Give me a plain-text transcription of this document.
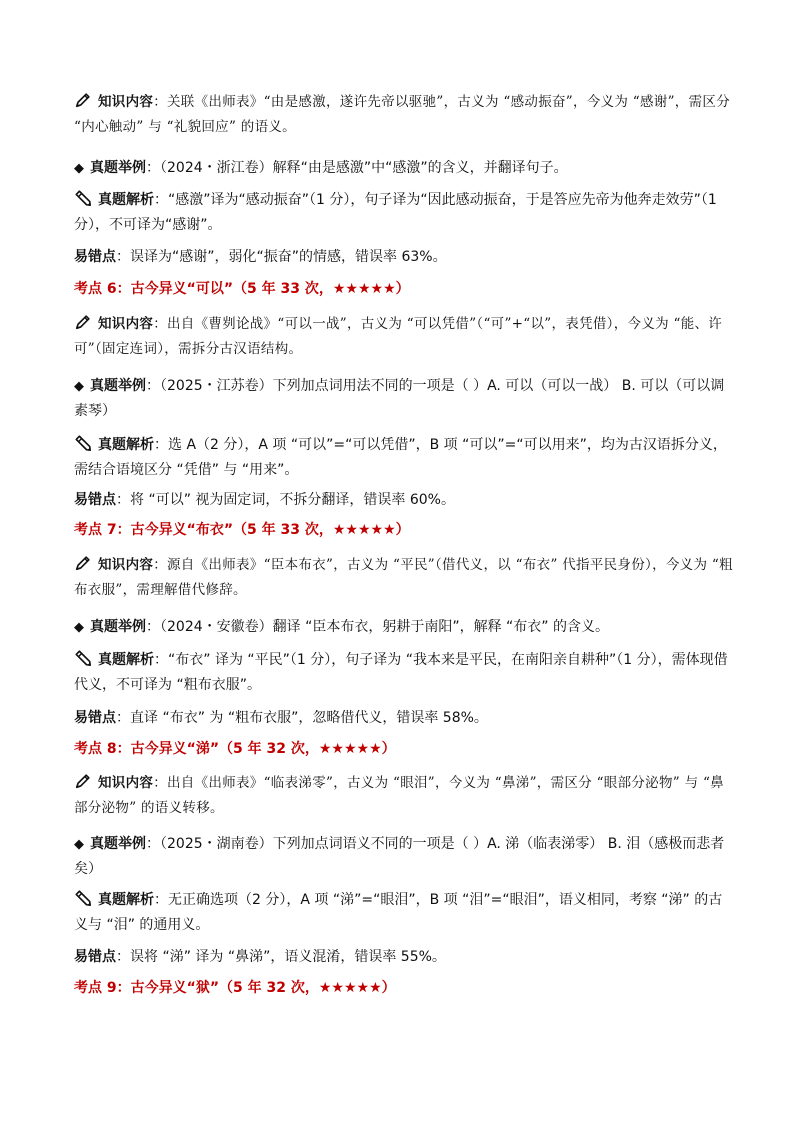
知识内容：关联《出师表》“由是感激，遂许先帝以驱驰”，古义为 “感动振奋”，今义为 “感谢”，需区分 “内心触动” 与 “礼貌回应” 的语义。
◆ 真题举例：（2024・浙江卷）解释“由是感激”中“感激”的含义，并翻译句子。
真题解析：“感激”译为“感动振奋”（1 分），句子译为“因此感动振奋，于是答应先帝为他奔走效劳”（1 分），不可译为“感谢”。
易错点：误译为“感谢”，弱化“振奋”的情感，错误率 63%。
考点 6：古今异义“可以”（5 年 33 次，★★★★★）
知识内容：出自《曹刿论战》“可以一战”，古义为 “可以凭借”（“可”+“以”，表凭借），今义为 “能、许可”（固定连词），需拆分古汉语结构。
◆ 真题举例：（2025・江苏卷）下列加点词用法不同的一项是（ ）A. 可以（可以一战） B. 可以（可以调素琴）
真题解析：选 A（2 分），A 项 “可以”=“可以凭借”，B 项 “可以”=“可以用来”，均为古汉语拆分义，需结合语境区分 “凭借” 与 “用来”。
易错点：将 “可以” 视为固定词，不拆分翻译，错误率 60%。
考点 7：古今异义“布衣”（5 年 33 次，★★★★★）
知识内容：源自《出师表》“臣本布衣”，古义为 “平民”（借代义，以 “布衣” 代指平民身份），今义为 “粗布衣服”，需理解借代修辞。
◆ 真题举例：（2024・安徽卷）翻译 “臣本布衣，躬耕于南阳”，解释 “布衣” 的含义。
真题解析：“布衣” 译为 “平民”（1 分），句子译为 “我本来是平民，在南阳亲自耕种”（1 分），需体现借代义，不可译为 “粗布衣服”。
易错点：直译 “布衣” 为 “粗布衣服”，忽略借代义，错误率 58%。
考点 8：古今异义“涕”（5 年 32 次，★★★★★）
知识内容：出自《出师表》“临表涕零”，古义为 “眼泪”，今义为 “鼻涕”，需区分 “眼部分泌物” 与 “鼻部分泌物” 的语义转移。
◆ 真题举例：（2025・湖南卷）下列加点词语义不同的一项是（ ）A. 涕（临表涕零） B. 泪（感极而悲者矣）
真题解析：无正确选项（2 分），A 项 “涕”=“眼泪”，B 项 “泪”=“眼泪”，语义相同，考察 “涕” 的古义与 “泪” 的通用义。
易错点：误将 “涕” 译为 “鼻涕”，语义混淆，错误率 55%。
考点 9：古今异义“狱”（5 年 32 次，★★★★★）
